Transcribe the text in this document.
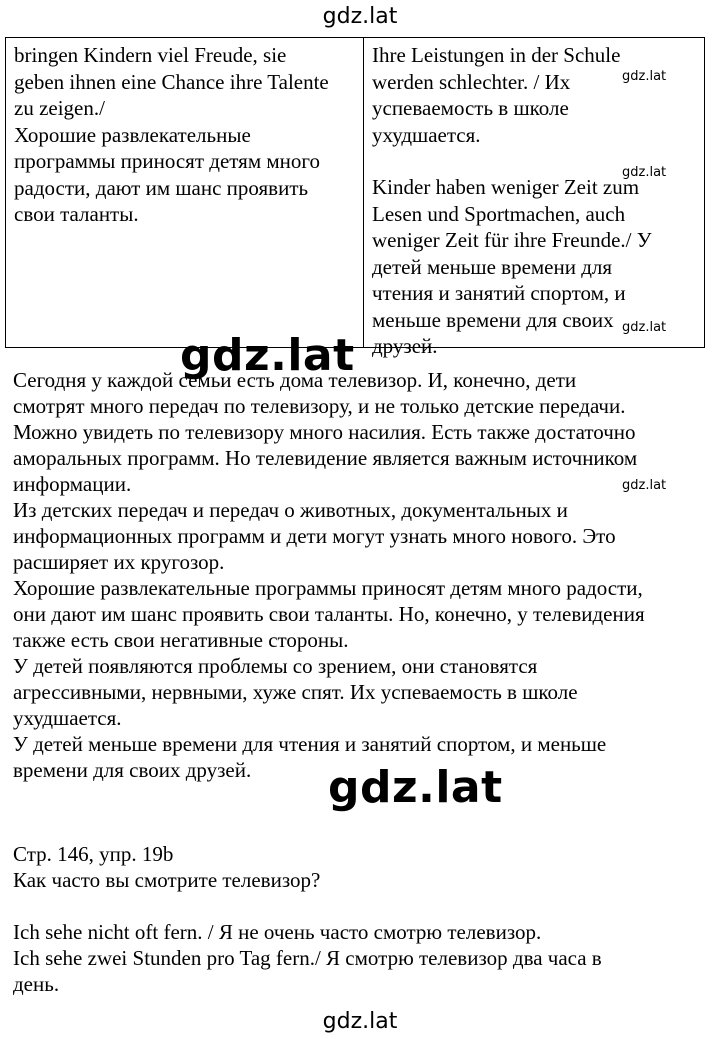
gdz.lat
bringen Kindern viel Freude, sie
geben ihnen eine Chance ihre Talente
zu zeigen./
Хорошие развлекательные
программы приносят детям много
радости, дают им шанс проявить
свои таланты.
Ihre Leistungen in der Schule
werden schlechter. / Их
успеваемость в школе
ухудшается.
Kinder haben weniger Zeit zum
Lesen und Sportmachen, auch
weniger Zeit für ihre Freunde./ У
детей меньше времени для
чтения и занятий спортом, и
меньше времени для своих
друзей.
Сегодня у каждой семьи есть дома телевизор. И, конечно, дети
смотрят много передач по телевизору, и не только детские передачи.
Можно увидеть по телевизору много насилия. Есть также достаточно
аморальных программ. Но телевидение является важным источником
информации.
Из детских передач и передач о животных, документальных и
информационных программ и дети могут узнать много нового. Это
расширяет их кругозор.
Хорошие развлекательные программы приносят детям много радости,
они дают им шанс проявить свои таланты. Но, конечно, у телевидения
также есть свои негативные стороны.
У детей появляются проблемы со зрением, они становятся
агрессивными, нервными, хуже спят. Их успеваемость в школе
ухудшается.
У детей меньше времени для чтения и занятий спортом, и меньше
времени для своих друзей.
Стр. 146, упр. 19b
Как часто вы смотрите телевизор?
Ich sehe nicht oft fern. / Я не очень часто смотрю телевизор.
Ich sehe zwei Stunden pro Tag fern./ Я смотрю телевизор два часа в
день.
gdz.lat
gdz.lat
gdz.lat
gdz.lat
gdz.lat
gdz.lat
gdz.lat
